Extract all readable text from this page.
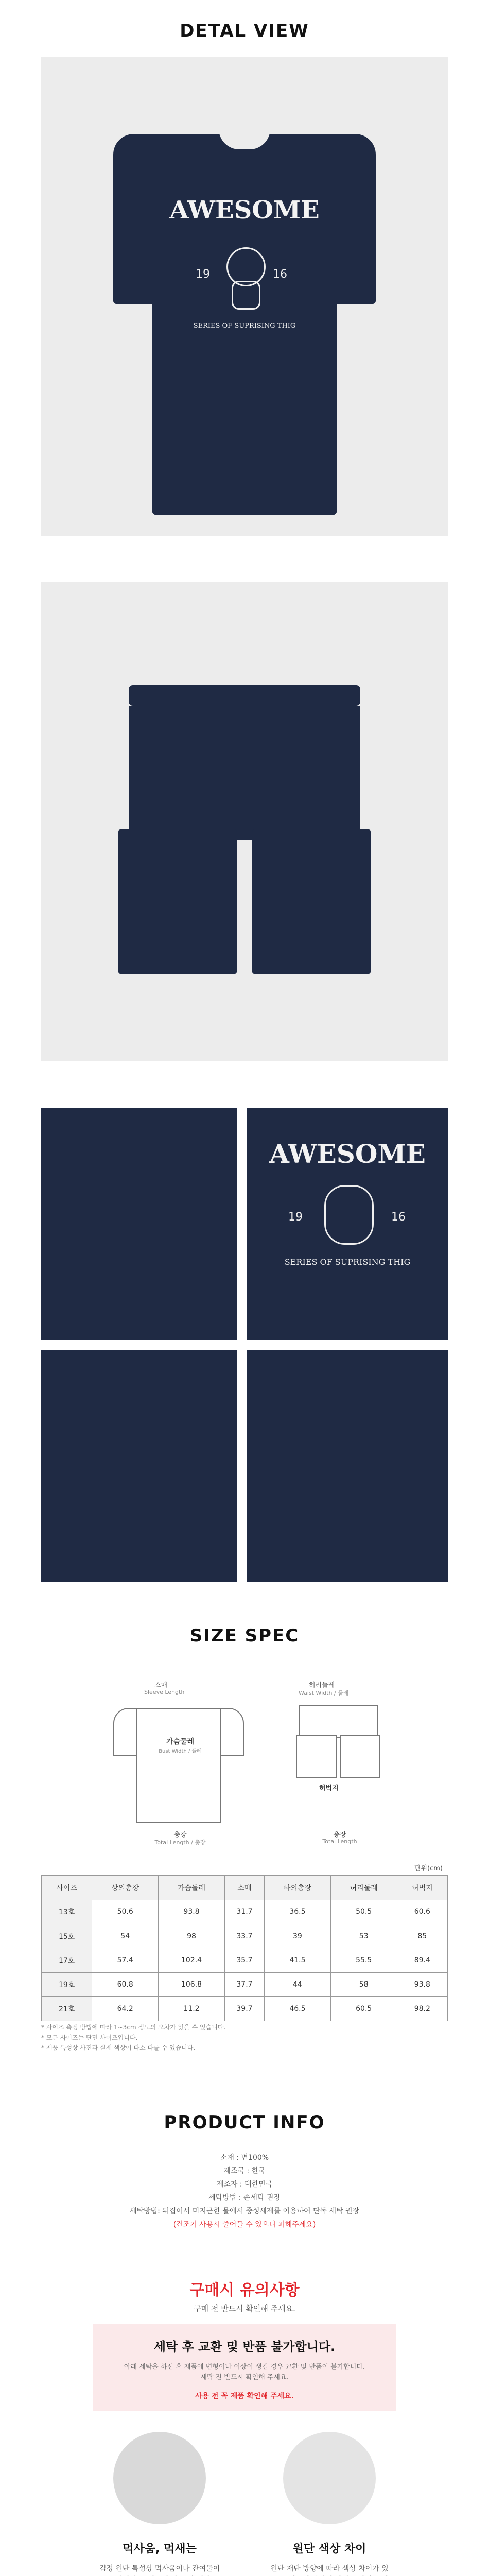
DETAL VIEW
AWESOME
19	16
SERIES OF SUPRISING THIG
AWESOME
19	16
SERIES OF SUPRISING THIG
SIZE SPEC
소매
Sleeve Length
가슴둘레
Bust Width / 둘레
총장
Total Length / 총장
허리둘레
Waist Width / 둘레
허벅지
총장
Total Length
단위(cm)
사이즈	상의총장	가슴둘레	소매	하의총장	허리둘레	허벅지
13호	50.6	93.8	31.7	36.5	50.5	60.6
15호	54	98	33.7	39	53	85
17호	57.4	102.4	35.7	41.5	55.5	89.4
19호	60.8	106.8	37.7	44	58	93.8
21호	64.2	11.2	39.7	46.5	60.5	98.2
* 사이즈 측정 방법에 따라 1~3cm 정도의 오차가 있을 수 있습니다.
* 모든 사이즈는 단면 사이즈입니다.
* 제품 특성상 사진과 실제 색상이 다소 다를 수 있습니다.
PRODUCT INFO
소재 : 면100%
제조국 : 한국
제조자 : 대한민국
세탁방법 : 손세탁 권장
세탁방법: 뒤집어서 미지근한 물에서 중성세제를 이용하여 단독 세탁 권장
(건조기 사용시 줄어들 수 있으니 피해주세요)
구매시 유의사항
구매 전 반드시 확인해 주세요.
세탁 후 교환 및 반품 불가합니다.
아래 세탁을 하신 후 제품에 변형이나 이상이 생길 경우 교환 및 반품이 불가합니다. 세탁 전 반드시 확인해 주세요.
사용 전 꼭 제품 확인해 주세요.
먹사움, 먹새는
검정 원단 특성상 먹사움이나 잔여물이
원단 색상 차이
원단 재단 방향에 따라 색상 차이가 있
